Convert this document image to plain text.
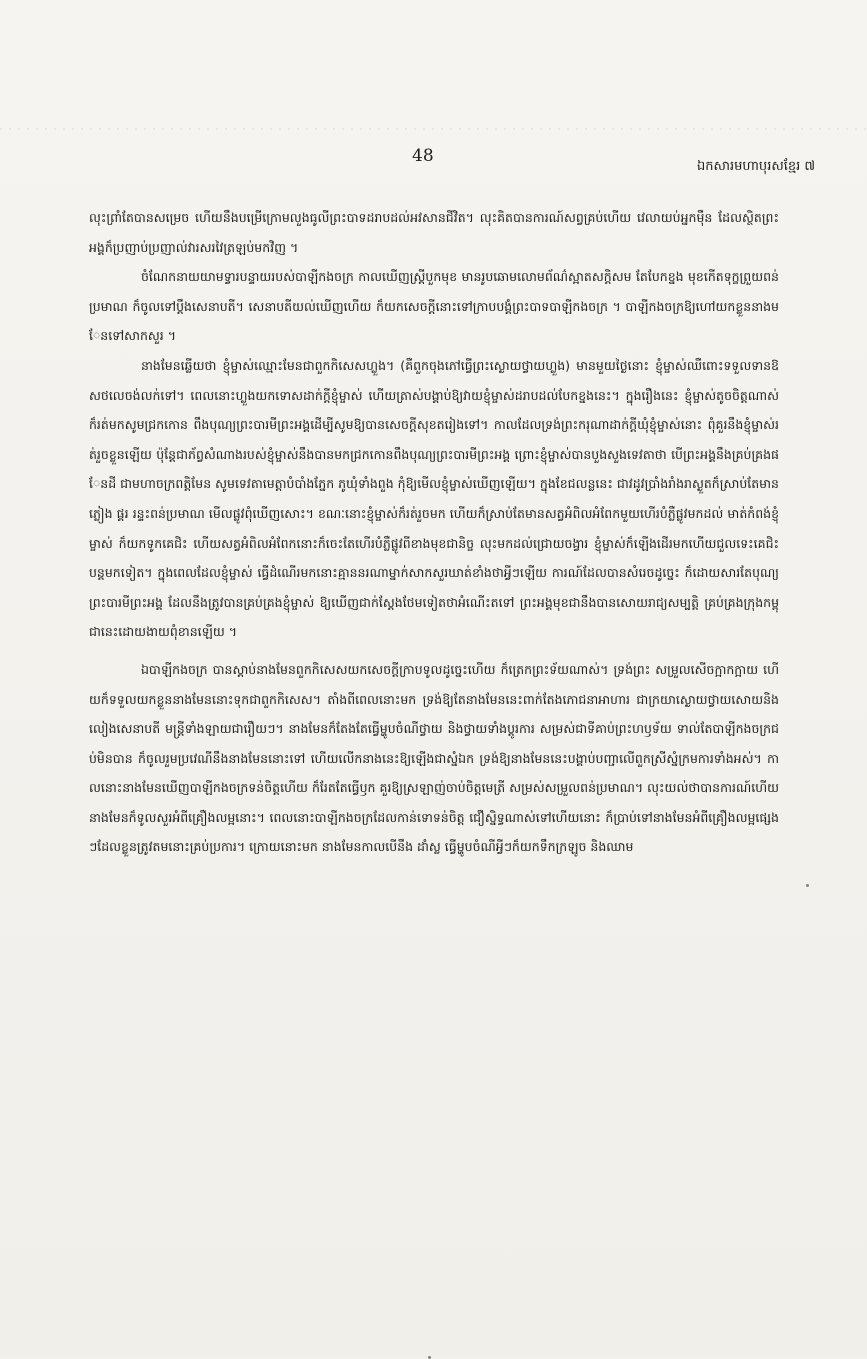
48
ឯកសារមហាបុរសខ្មែរ ៧

លុះព្រាំតែបានសម្រេច ហើយនឹងបម្រើក្រោមលួងធូលីព្រះបាទដរាបដល់អវសានជីវិត។ លុះគិតបានការណ៍សព្វគ្រប់ហើយ វេលាយប់អ្នកម៉ឺន ដែលស្ថិតព្រះអង្គក៏ប្រញាប់ប្រញាល់វារសរវៃត្រឡប់មកវិញ ។

ចំណែកនាយយាមទ្វារបន្ទាយរបស់បាឡីកងចក្រ កាលឃើញស្ត្រីបួកមុខ មានរូបឆោមលោមព័ណ៌ស្អាតសក្តិសម តែបែកខ្នង មុខកើតទុក្ខព្រួយពន់ប្រមាណ ក៏ចូលទៅប្តឹងសេនាបតី។ សេនាបតីយល់ឃើញហើយ ក៏យកសេចក្តីនោះទៅក្រាបបង្គំព្រះបាទបាឡីកងចក្រ ។ បាឡីកងចក្រឱ្យហៅយកខ្លួននាងមែនទៅសាកសួរ ។

នាងមែនឆ្លើយថា ខ្ញុំម្ចាស់ឈ្មោះមែនជាពួកកិសេសហ្លួង។ (គឺពួកចុងភៅធ្វើព្រះស្ងោយថ្វាយហ្លួង) មានមួយថ្ងៃនោះ ខ្ញុំម្ចាស់ឈឺពោះទទួលទានឱសថលេចង់លក់ទៅ។ ពេលនោះហ្លួងយកទោសដាក់ក្តីខ្ញុំម្ចាស់ ហើយត្រាស់បង្គាប់ឱ្យវាយខ្ញុំម្ចាស់ដរាបដល់បែកខ្នងនេះ។ ក្នុងរឿងនេះ ខ្ញុំម្ចាស់តូចចិត្តណាស់ក៏រត់មកសូមជ្រកកោន ពឹងបុណ្យព្រះបារមីព្រះអង្គដើម្បីសូមឱ្យបានសេចក្តីសុខតរៀងទៅ។ កាលដែលទ្រង់ព្រះករុណាដាក់ក្តីឃុំខ្ញុំម្ចាស់នោះ ពុំគួរនឹងខ្ញុំម្ចាស់រត់រួចខ្លួនឡើយ ប៉ុន្តែជាភ័ព្វសំណាងរបស់ខ្ញុំម្ចាស់នឹងបានមកជ្រកកោនពឹងបុណ្យព្រះបារមីព្រះអង្គ ព្រោះខ្ញុំម្ចាស់បានបួងសួងទេវតាថា បើព្រះអង្គនឹងគ្រប់គ្រងផែនដី ជាមហាចក្រពត្តិមែន សូមទេវតាមេត្តាបំបាំងភ្នែក ភូឃុំទាំងពួង កុំឱ្យមើលខ្ញុំម្ចាស់ឃើញឡើយ។ ក្នុងខែជលន្លនេះ ជាវដូវប្រាំងរាំងរាស្ងួតក៏ស្រាប់តែមានភ្លៀង ផ្គរ រន្ទះពន់ប្រមាណ មើលផ្លូវពុំឃើញសោះ។ ខណៈនោះខ្ញុំម្ចាស់ក៏រត់រួចមក ហើយក៏ស្រាប់តែមានសត្វអំពិលអំពែកមួយហើរបំភ្លឺផ្លូវមកដល់ មាត់កំពង់ខ្ញុំម្ចាស់ ក៏យកទូកគេជិះ ហើយសត្វអំពិលអំពែកនោះក៏ចេះតែហើរបំភ្លឺផ្លូវពីខាងមុខជានិច្ច លុះមកដល់ជ្រោយចង្វារ ខ្ញុំម្ចាស់ក៏ឡើងដើរមកហើយជួលទេះគេជិះបន្តមកទៀត។ ក្នុងពេលដែលខ្ញុំម្ចាស់ ធ្វើដំណើរមកនោះគ្មាននរណាម្នាក់សាកសួរឃាត់ខាំងថាអ្វីៗឡើយ ការណ៍ដែលបានសំរេចដូច្នេះ ក៏ដោយសារតែបុណ្យព្រះបារមីព្រះអង្គ ដែលនឹងត្រូវបានគ្រប់គ្រងខ្ញុំម្ចាស់ ឱ្យឃើញជាក់ស្តែងថែមទៀតថាអំណើះតទៅ ព្រះអង្គមុខជានឹងបានសោយរាជ្យសម្បត្តិ គ្រប់គ្រងក្រុងកម្ពុជានេះដោយងាយពុំខានឡើយ ។

ឯបាឡីកងចក្រ បានស្តាប់នាងមែនពួកកិសេសយកសេចក្តីក្រាបទូលដូច្នេះហើយ ក៏ត្រេកព្រះទ័យណាស់។ ទ្រង់ព្រះ សម្រួលសើចក្អាកក្អាយ ហើយក៏ទទួលយកខ្លួននាងមែននោះទុកជាពួកកិសេស។ តាំងពីពេលនោះមក ទ្រង់ឱ្យតែនាងមែននេះពាក់តែងភោជនាអាហារ ជាក្រយាស្ងោយថ្វាយសោយនិងលៀងសេនាបតី មន្ត្រីទាំងឡាយជារឿយៗ។ នាងមែនក៏តែងតែធ្វើម្ហូបចំណីថ្វាយ និងថ្វាយទាំងប្តូរការ សម្រស់ជាទីគាប់ព្រះហឫទ័យ ទាល់តែបាឡីកងចក្រជប់មិនបាន ក៏ចូលរួមប្រវេណីនឹងនាងមែននោះទៅ ហើយលើកនាងនេះឱ្យឡើងជាស្នំឯក ទ្រង់ឱ្យនាងមែននេះបង្គាប់បញ្ជាលើពួកស្រីស្នំក្រមការទាំងអស់។ កាលនោះនាងមែនឃើញបាឡីកងចក្រទន់ចិត្តហើយ ក៏រែតតែធ្វើឫក គួរឱ្យស្រឡាញ់ចាប់ចិត្តមេត្រី សម្រស់សម្រួលពន់ប្រមាណ។ លុះយល់ថាបានការណ៍ហើយ នាងមែនក៏ទូលសួរអំពីគ្រឿងលម្អនោះ។ ពេលនោះបាឡីកងចក្រដែលកាន់ទោទន់ចិត្ត ជឿស្និទ្ធណាស់ទៅហើយនោះ ក៏ប្រាប់ទៅនាងមែនអំពីគ្រឿងលម្អផ្សេងៗដែលខ្លួនត្រូវតមនោះគ្រប់ប្រការ។ ក្រោយនោះមក នាងមែនកាលបើនឹង ដាំស្ល ធ្វើម្ហូបចំណីអ្វីៗក៏យកទឹកក្រឡូច និងឈាម
